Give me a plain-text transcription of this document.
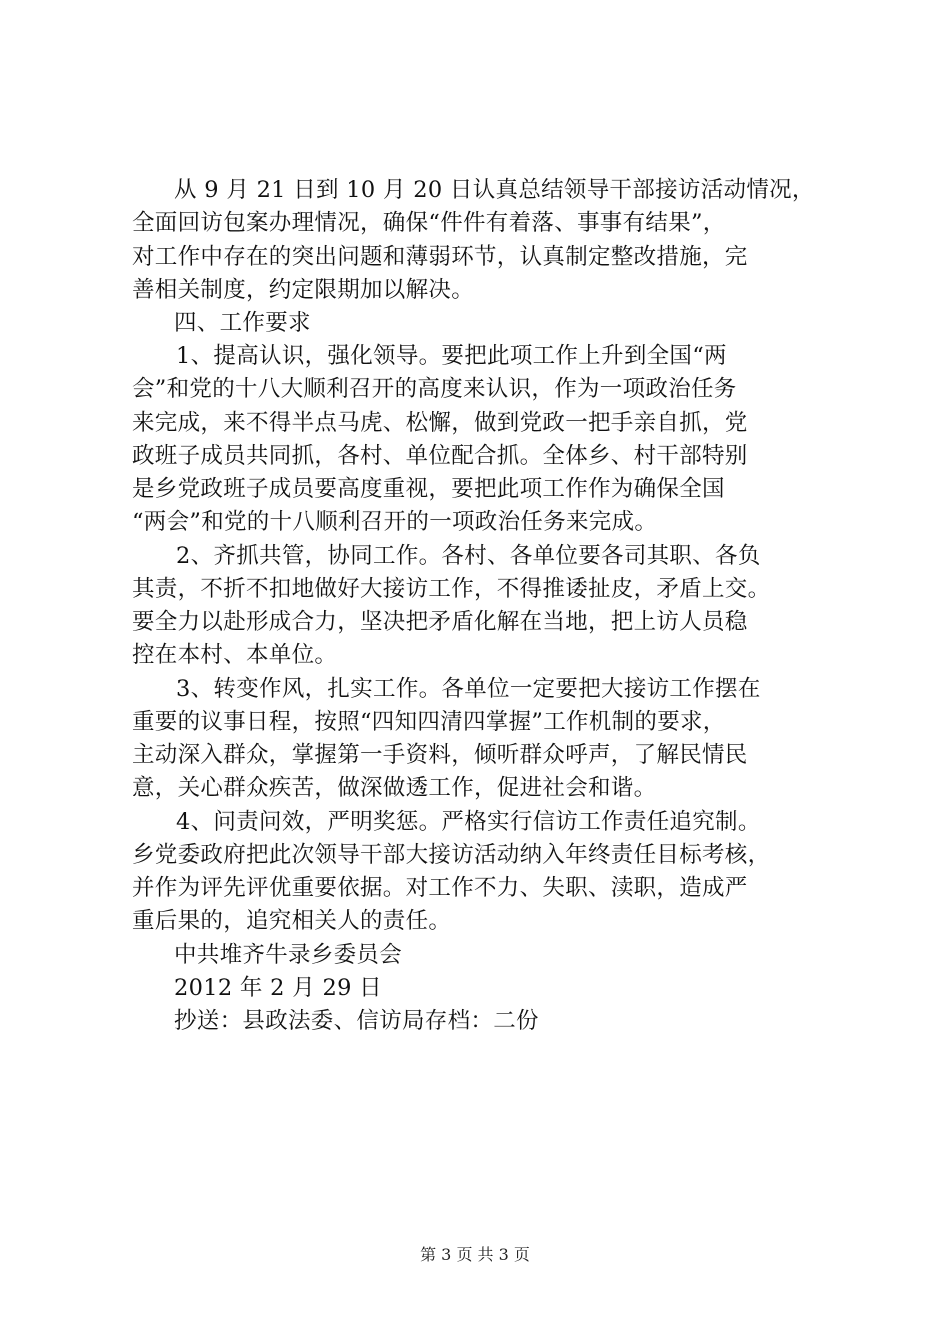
从 9 月 21 日到 10 月 20 日认真总结领导干部接访活动情况，
全面回访包案办理情况，确保“件件有着落、事事有结果”，
对工作中存在的突出问题和薄弱环节，认真制定整改措施，完
善相关制度，约定限期加以解决。
四、工作要求
1、提高认识，强化领导。要把此项工作上升到全国“两
会”和党的十八大顺利召开的高度来认识，作为一项政治任务
来完成，来不得半点马虎、松懈，做到党政一把手亲自抓，党
政班子成员共同抓，各村、单位配合抓。全体乡、村干部特别
是乡党政班子成员要高度重视，要把此项工作作为确保全国
“两会”和党的十八顺利召开的一项政治任务来完成。
2、齐抓共管，协同工作。各村、各单位要各司其职、各负
其责，不折不扣地做好大接访工作，不得推诿扯皮，矛盾上交。
要全力以赴形成合力，坚决把矛盾化解在当地，把上访人员稳
控在本村、本单位。
3、转变作风，扎实工作。各单位一定要把大接访工作摆在
重要的议事日程，按照“四知四清四掌握”工作机制的要求，
主动深入群众，掌握第一手资料，倾听群众呼声，了解民情民
意，关心群众疾苦，做深做透工作，促进社会和谐。
4、问责问效，严明奖惩。严格实行信访工作责任追究制。
乡党委政府把此次领导干部大接访活动纳入年终责任目标考核，
并作为评先评优重要依据。对工作不力、失职、渎职，造成严
重后果的，追究相关人的责任。
中共堆齐牛录乡委员会
2012 年 2 月 29 日
抄送：县政法委、信访局存档：二份
第 3 页 共 3 页
